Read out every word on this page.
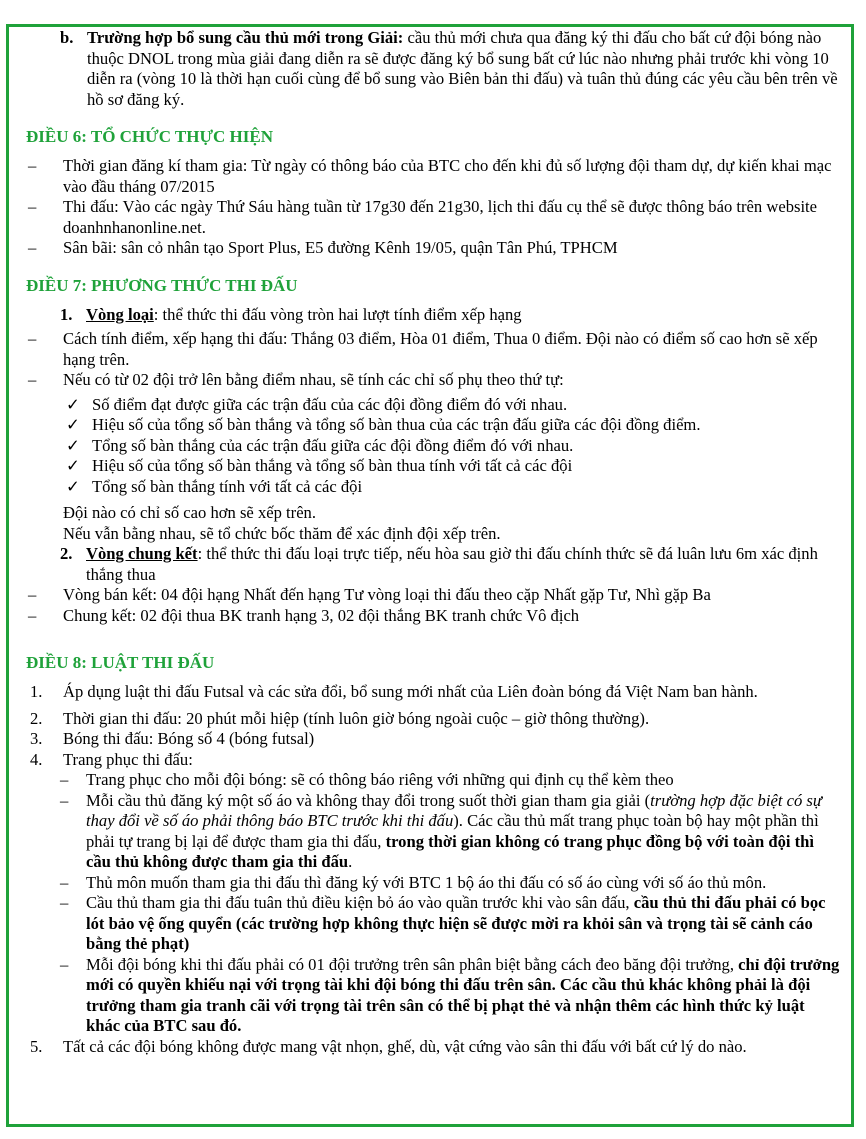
b. Trường hợp bổ sung cầu thủ mới trong Giải: cầu thủ mới chưa qua đăng ký thi đấu cho bất cứ đội bóng nào thuộc DNOL trong mùa giải đang diễn ra sẽ được đăng ký bổ sung bất cứ lúc nào nhưng phải trước khi vòng 10 diễn ra (vòng 10 là thời hạn cuối cùng để bổ sung vào Biên bản thi đấu) và tuân thủ đúng các yêu cầu bên trên về hồ sơ đăng ký.
ĐIỀU 6: TỔ CHỨC THỰC HIỆN
– Thời gian đăng kí tham gia: Từ ngày có thông báo của BTC cho đến khi đủ số lượng đội tham dự, dự kiến khai mạc vào đầu tháng 07/2015
– Thi đấu: Vào các ngày Thứ Sáu hàng tuần từ 17g30 đến 21g30, lịch thi đấu cụ thể sẽ được thông báo trên website doanhnhanonline.net.
– Sân bãi: sân cỏ nhân tạo Sport Plus, E5 đường Kênh 19/05, quận Tân Phú, TPHCM
ĐIỀU 7: PHƯƠNG THỨC THI ĐẤU
1. Vòng loại: thể thức thi đấu vòng tròn hai lượt tính điểm xếp hạng
– Cách tính điểm, xếp hạng thi đấu: Thắng 03 điểm, Hòa 01 điểm, Thua 0 điểm. Đội nào có điểm số cao hơn sẽ xếp hạng trên.
– Nếu có từ 02 đội trở lên bằng điểm nhau, sẽ tính các chỉ số phụ theo thứ tự:
✓ Số điểm đạt được giữa các trận đấu của các đội đồng điểm đó với nhau.
✓ Hiệu số của tổng số bàn thắng và tổng số bàn thua của các trận đấu giữa các đội đồng điểm.
✓ Tổng số bàn thắng của các trận đấu giữa các đội đồng điểm đó với nhau.
✓ Hiệu số của tổng số bàn thắng và tổng số bàn thua tính với tất cả các đội
✓ Tổng số bàn thắng tính với tất cả các đội
Đội nào có chỉ số cao hơn sẽ xếp trên.
Nếu vẫn bằng nhau, sẽ tổ chức bốc thăm để xác định đội xếp trên.
2. Vòng chung kết: thể thức thi đấu loại trực tiếp, nếu hòa sau giờ thi đấu chính thức sẽ đá luân lưu 6m xác định thắng thua
– Vòng bán kết: 04 đội hạng Nhất đến hạng Tư vòng loại thi đấu theo cặp Nhất gặp Tư, Nhì gặp Ba
– Chung kết: 02 đội thua BK tranh hạng 3, 02 đội thắng BK tranh chức Vô địch
ĐIỀU 8: LUẬT THI ĐẤU
1. Áp dụng luật thi đấu Futsal và các sửa đổi, bổ sung mới nhất của Liên đoàn bóng đá Việt Nam ban hành.
2. Thời gian thi đấu: 20 phút mỗi hiệp (tính luôn giờ bóng ngoài cuộc – giờ thông thường).
3. Bóng thi đấu: Bóng số 4 (bóng futsal)
4. Trang phục thi đấu:
– Trang phục cho mỗi đội bóng: sẽ có thông báo riêng với những qui định cụ thể kèm theo
– Mỗi cầu thủ đăng ký một số áo và không thay đổi trong suốt thời gian tham gia giải (trường hợp đặc biệt có sự thay đổi về số áo phải thông báo BTC trước khi thi đấu). Các cầu thủ mất trang phục toàn bộ hay một phần thì phải tự trang bị lại để được tham gia thi đấu, trong thời gian không có trang phục đồng bộ với toàn đội thì cầu thủ không được tham gia thi đấu.
– Thủ môn muốn tham gia thi đấu thì đăng ký với BTC 1 bộ áo thi đấu có số áo cùng với số áo thủ môn.
– Cầu thủ tham gia thi đấu tuân thủ điều kiện bỏ áo vào quần trước khi vào sân đấu, cầu thủ thi đấu phải có bọc lót bảo vệ ống quyển (các trường hợp không thực hiện sẽ được mời ra khỏi sân và trọng tài sẽ cảnh cáo bằng thẻ phạt)
– Mỗi đội bóng khi thi đấu phải có 01 đội trưởng trên sân phân biệt bằng cách đeo băng đội trưởng, chỉ đội trưởng mới có quyền khiếu nại với trọng tài khi đội bóng thi đấu trên sân. Các cầu thủ khác không phải là đội trưởng tham gia tranh cãi với trọng tài trên sân có thể bị phạt thẻ và nhận thêm các hình thức kỷ luật khác của BTC sau đó.
5. Tất cả các đội bóng không được mang vật nhọn, ghế, dù, vật cứng vào sân thi đấu với bất cứ lý do nào.
